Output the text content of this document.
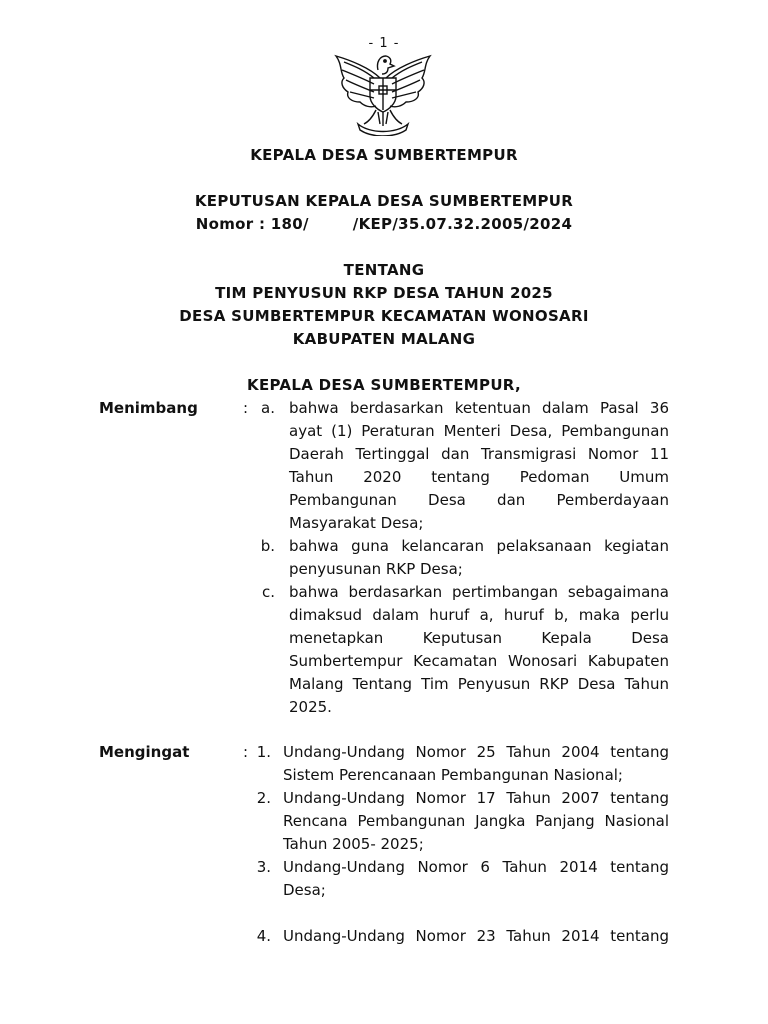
- 1 -
KEPALA DESA SUMBERTEMPUR
KEPUTUSAN KEPALA DESA SUMBERTEMPUR
Nomor : 180/	/KEP/35.07.32.2005/2024
TENTANG
TIM PENYUSUN RKP DESA TAHUN 2025
DESA SUMBERTEMPUR KECAMATAN WONOSARI
KABUPATEN MALANG
KEPALA DESA SUMBERTEMPUR,
Menimbang	: a. bahwa berdasarkan ketentuan dalam Pasal 36
ayat (1) Peraturan Menteri Desa, Pembangunan
Daerah Tertinggal dan Transmigrasi Nomor 11
Tahun 2020 tentang Pedoman Umum
Pembangunan Desa dan Pemberdayaan
Masyarakat Desa;
b. bahwa guna kelancaran pelaksanaan kegiatan
penyusunan RKP Desa;
c. bahwa berdasarkan pertimbangan sebagaimana
dimaksud dalam huruf a, huruf b, maka perlu
menetapkan Keputusan Kepala Desa
Sumbertempur Kecamatan Wonosari Kabupaten
Malang Tentang Tim Penyusun RKP Desa Tahun
2025.
Mengingat	: 1. Undang-Undang Nomor 25 Tahun 2004 tentang
Sistem Perencanaan Pembangunan Nasional;
2. Undang-Undang Nomor 17 Tahun 2007 tentang
Rencana Pembangunan Jangka Panjang Nasional
Tahun 2005- 2025;
3. Undang-Undang Nomor 6 Tahun 2014 tentang
Desa;
4. Undang-Undang Nomor 23 Tahun 2014 tentang
